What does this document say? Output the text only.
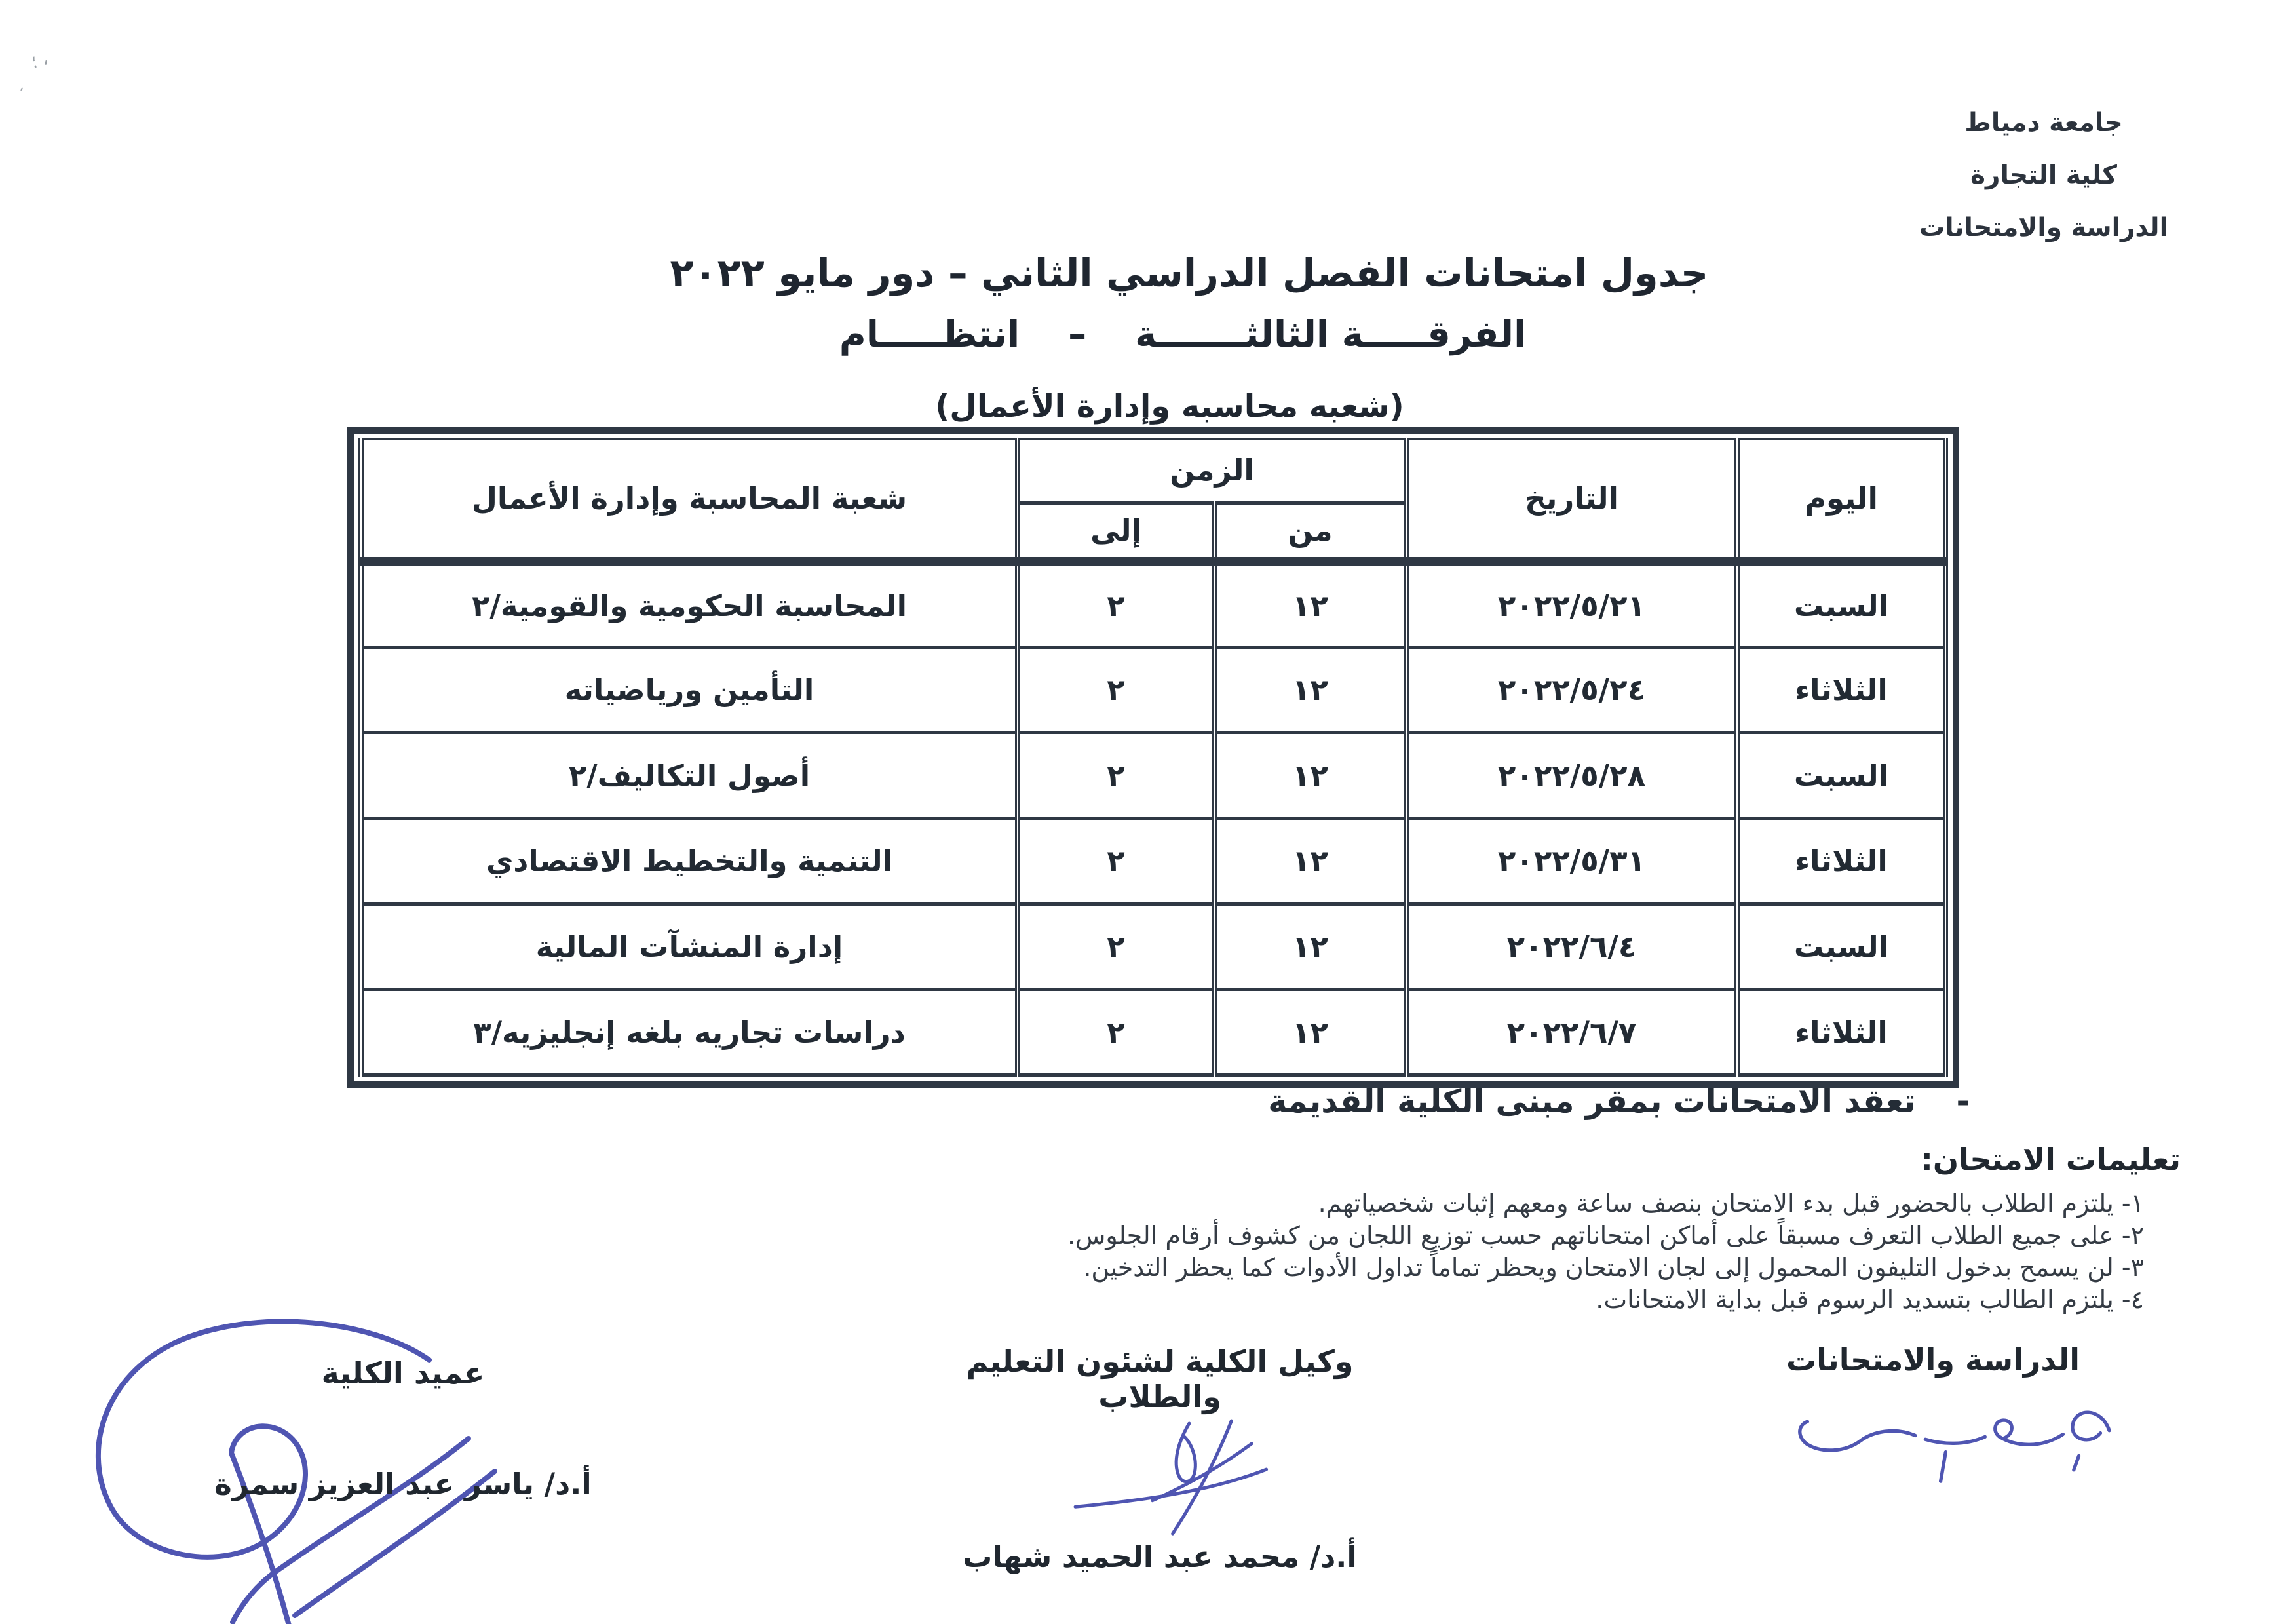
، ؛
،
جامعة دمياط
كلية التجارة
الدراسة والامتحانات
جدول امتحانات الفصل الدراسي الثاني – دور مايو ٢٠٢٢
الفرقـــــة الثالثـــــــة
–
انتظـــــام
(شعبه محاسبه وإدارة الأعمال)
اليوم	التاريخ	الزمن		شعبة المحاسبة وإدارة الأعمال
		من	إلى	
السبت	٢٠٢٢/٥/٢١	١٢	٢	المحاسبة الحكومية والقومية/٢
الثلاثاء	٢٠٢٢/٥/٢٤	١٢	٢	التأمين ورياضياته
السبت	٢٠٢٢/٥/٢٨	١٢	٢	أصول التكاليف/٢
الثلاثاء	٢٠٢٢/٥/٣١	١٢	٢	التنمية والتخطيط الاقتصادي
السبت	٢٠٢٢/٦/٤	١٢	٢	إدارة المنشآت المالية
الثلاثاء	٢٠٢٢/٦/٧	١٢	٢	دراسات تجاريه بلغه إنجليزيه/٣
-
تعقد الامتحانات بمقر مبنى الكلية القديمة
تعليمات الامتحان:
١- يلتزم الطلاب بالحضور قبل بدء الامتحان بنصف ساعة ومعهم إثبات شخصياتهم.
٢- على جميع الطلاب التعرف مسبقاً على أماكن امتحاناتهم حسب توزيع اللجان من كشوف أرقام الجلوس.
٣- لن يسمح بدخول التليفون المحمول إلى لجان الامتحان ويحظر تماماً تداول الأدوات كما يحظر التدخين.
٤- يلتزم الطالب بتسديد الرسوم قبل بداية الامتحانات.
الدراسة والامتحانات
وكيل الكلية لشئون التعليم والطلاب
أ.د/ محمد عبد الحميد شهاب
عميد الكلية
أ.د/ ياسر عبد العزيز سمرة
